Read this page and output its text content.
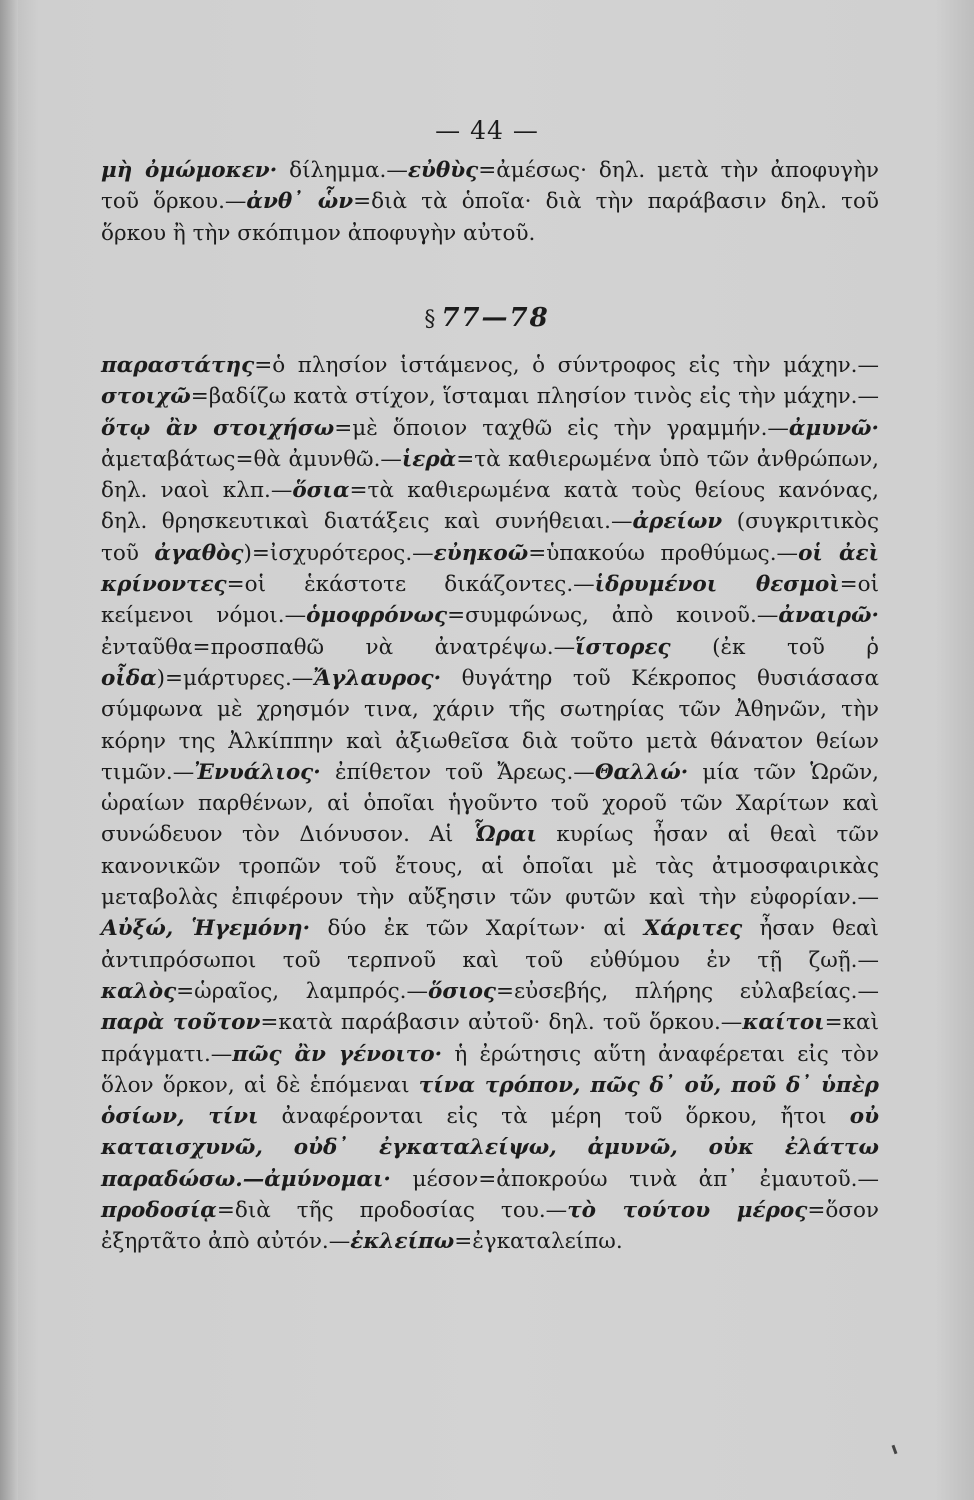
— 44 —
μὴ ὀμώμοκεν· δίλημμα.—εὐθὺς=ἀμέσως· δηλ. μετὰ τὴν ἀποφυγὴν τοῦ ὅρκου.—ἀνθ᾽ ὧν=διὰ τὰ ὁποῖα· διὰ τὴν παράβασιν δηλ. τοῦ ὅρκου ἢ τὴν σκόπιμον ἀποφυγὴν αὐτοῦ.
§ 77—78
παραστάτης=ὁ πλησίον ἱστάμενος, ὁ σύντροφος εἰς τὴν μάχην.—στοιχῶ=βαδίζω κατὰ στίχον, ἵσταμαι πλησίον τινὸς εἰς τὴν μάχην.—ὅτῳ ἂν στοιχήσω=μὲ ὅποιον ταχθῶ εἰς τὴν γραμμήν.—ἀμυνῶ· ἀμεταβάτως=θὰ ἀμυνθῶ.—ἱερὰ=τὰ καθιερωμένα ὑπὸ τῶν ἀνθρώπων, δηλ. ναοὶ κλπ.—ὅσια=τὰ καθιερωμένα κατὰ τοὺς θείους κανόνας, δηλ. θρησκευτικαὶ διατάξεις καὶ συνήθειαι.—ἀρείων (συγκριτικὸς τοῦ ἀγαθὸς)=ἰσχυρότερος.—εὐηκοῶ=ὑπακούω προθύμως.—οἱ ἀεὶ κρίνοντες=οἱ ἑκάστοτε δικάζοντες.—ἱδρυμένοι θεσμοὶ=οἱ κείμενοι νόμοι.—ὁμοφρόνως=συμφώνως, ἀπὸ κοινοῦ.—ἀναιρῶ· ἐνταῦθα=προσπαθῶ νὰ ἀνατρέψω.—ἵστορες (ἐκ τοῦ ῥ οἶδα)=μάρτυρες.—Ἄγλαυρος· θυγάτηρ τοῦ Κέκροπος θυσιάσασα σύμφωνα μὲ χρησμόν τινα, χάριν τῆς σωτηρίας τῶν Ἀθηνῶν, τὴν κόρην της Ἀλκίππην καὶ ἀξιωθεῖσα διὰ τοῦτο μετὰ θάνατον θείων τιμῶν.—Ἐνυάλιος· ἐπίθετον τοῦ Ἄρεως.—Θαλλώ· μία τῶν Ὡρῶν, ὡραίων παρθένων, αἱ ὁποῖαι ἡγοῦντο τοῦ χοροῦ τῶν Χαρίτων καὶ συνώδευον τὸν Διόνυσον. Αἱ Ὧραι κυρίως ἦσαν αἱ θεαὶ τῶν κανονικῶν τροπῶν τοῦ ἔτους, αἱ ὁποῖαι μὲ τὰς ἀτμοσφαιρικὰς μεταβολὰς ἐπιφέρουν τὴν αὔξησιν τῶν φυτῶν καὶ τὴν εὐφορίαν.—Αὐξώ, Ἡγεμόνη· δύο ἐκ τῶν Χαρίτων· αἱ Χάριτες ἦσαν θεαὶ ἀντιπρόσωποι τοῦ τερπνοῦ καὶ τοῦ εὐθύμου ἐν τῇ ζωῇ.—καλὸς=ὡραῖος, λαμπρός.—ὅσιος=εὐσεβής, πλήρης εὐλαβείας.—παρὰ τοῦτον=κατὰ παράβασιν αὐτοῦ· δηλ. τοῦ ὅρκου.—καίτοι=καὶ πράγματι.—πῶς ἂν γένοιτο· ἡ ἐρώτησις αὕτη ἀναφέρεται εἰς τὸν ὅλον ὅρκον, αἱ δὲ ἑπόμεναι τίνα τρόπον, πῶς δ᾽ οὔ, ποῦ δ᾽ ὑπὲρ ὁσίων, τίνι ἀναφέρονται εἰς τὰ μέρη τοῦ ὅρκου, ἤτοι οὐ καταισχυνῶ, οὐδ᾽ ἐγκαταλείψω, ἀμυνῶ, οὐκ ἐλάττω παραδώσω.—ἀμύνομαι· μέσον=ἀποκρούω τινὰ ἀπ᾽ ἐμαυτοῦ.—προδοσίᾳ=διὰ τῆς προδοσίας του.—τὸ τούτου μέρος=ὅσον ἐξηρτᾶτο ἀπὸ αὐτόν.—ἐκλείπω=ἐγκαταλείπω.
